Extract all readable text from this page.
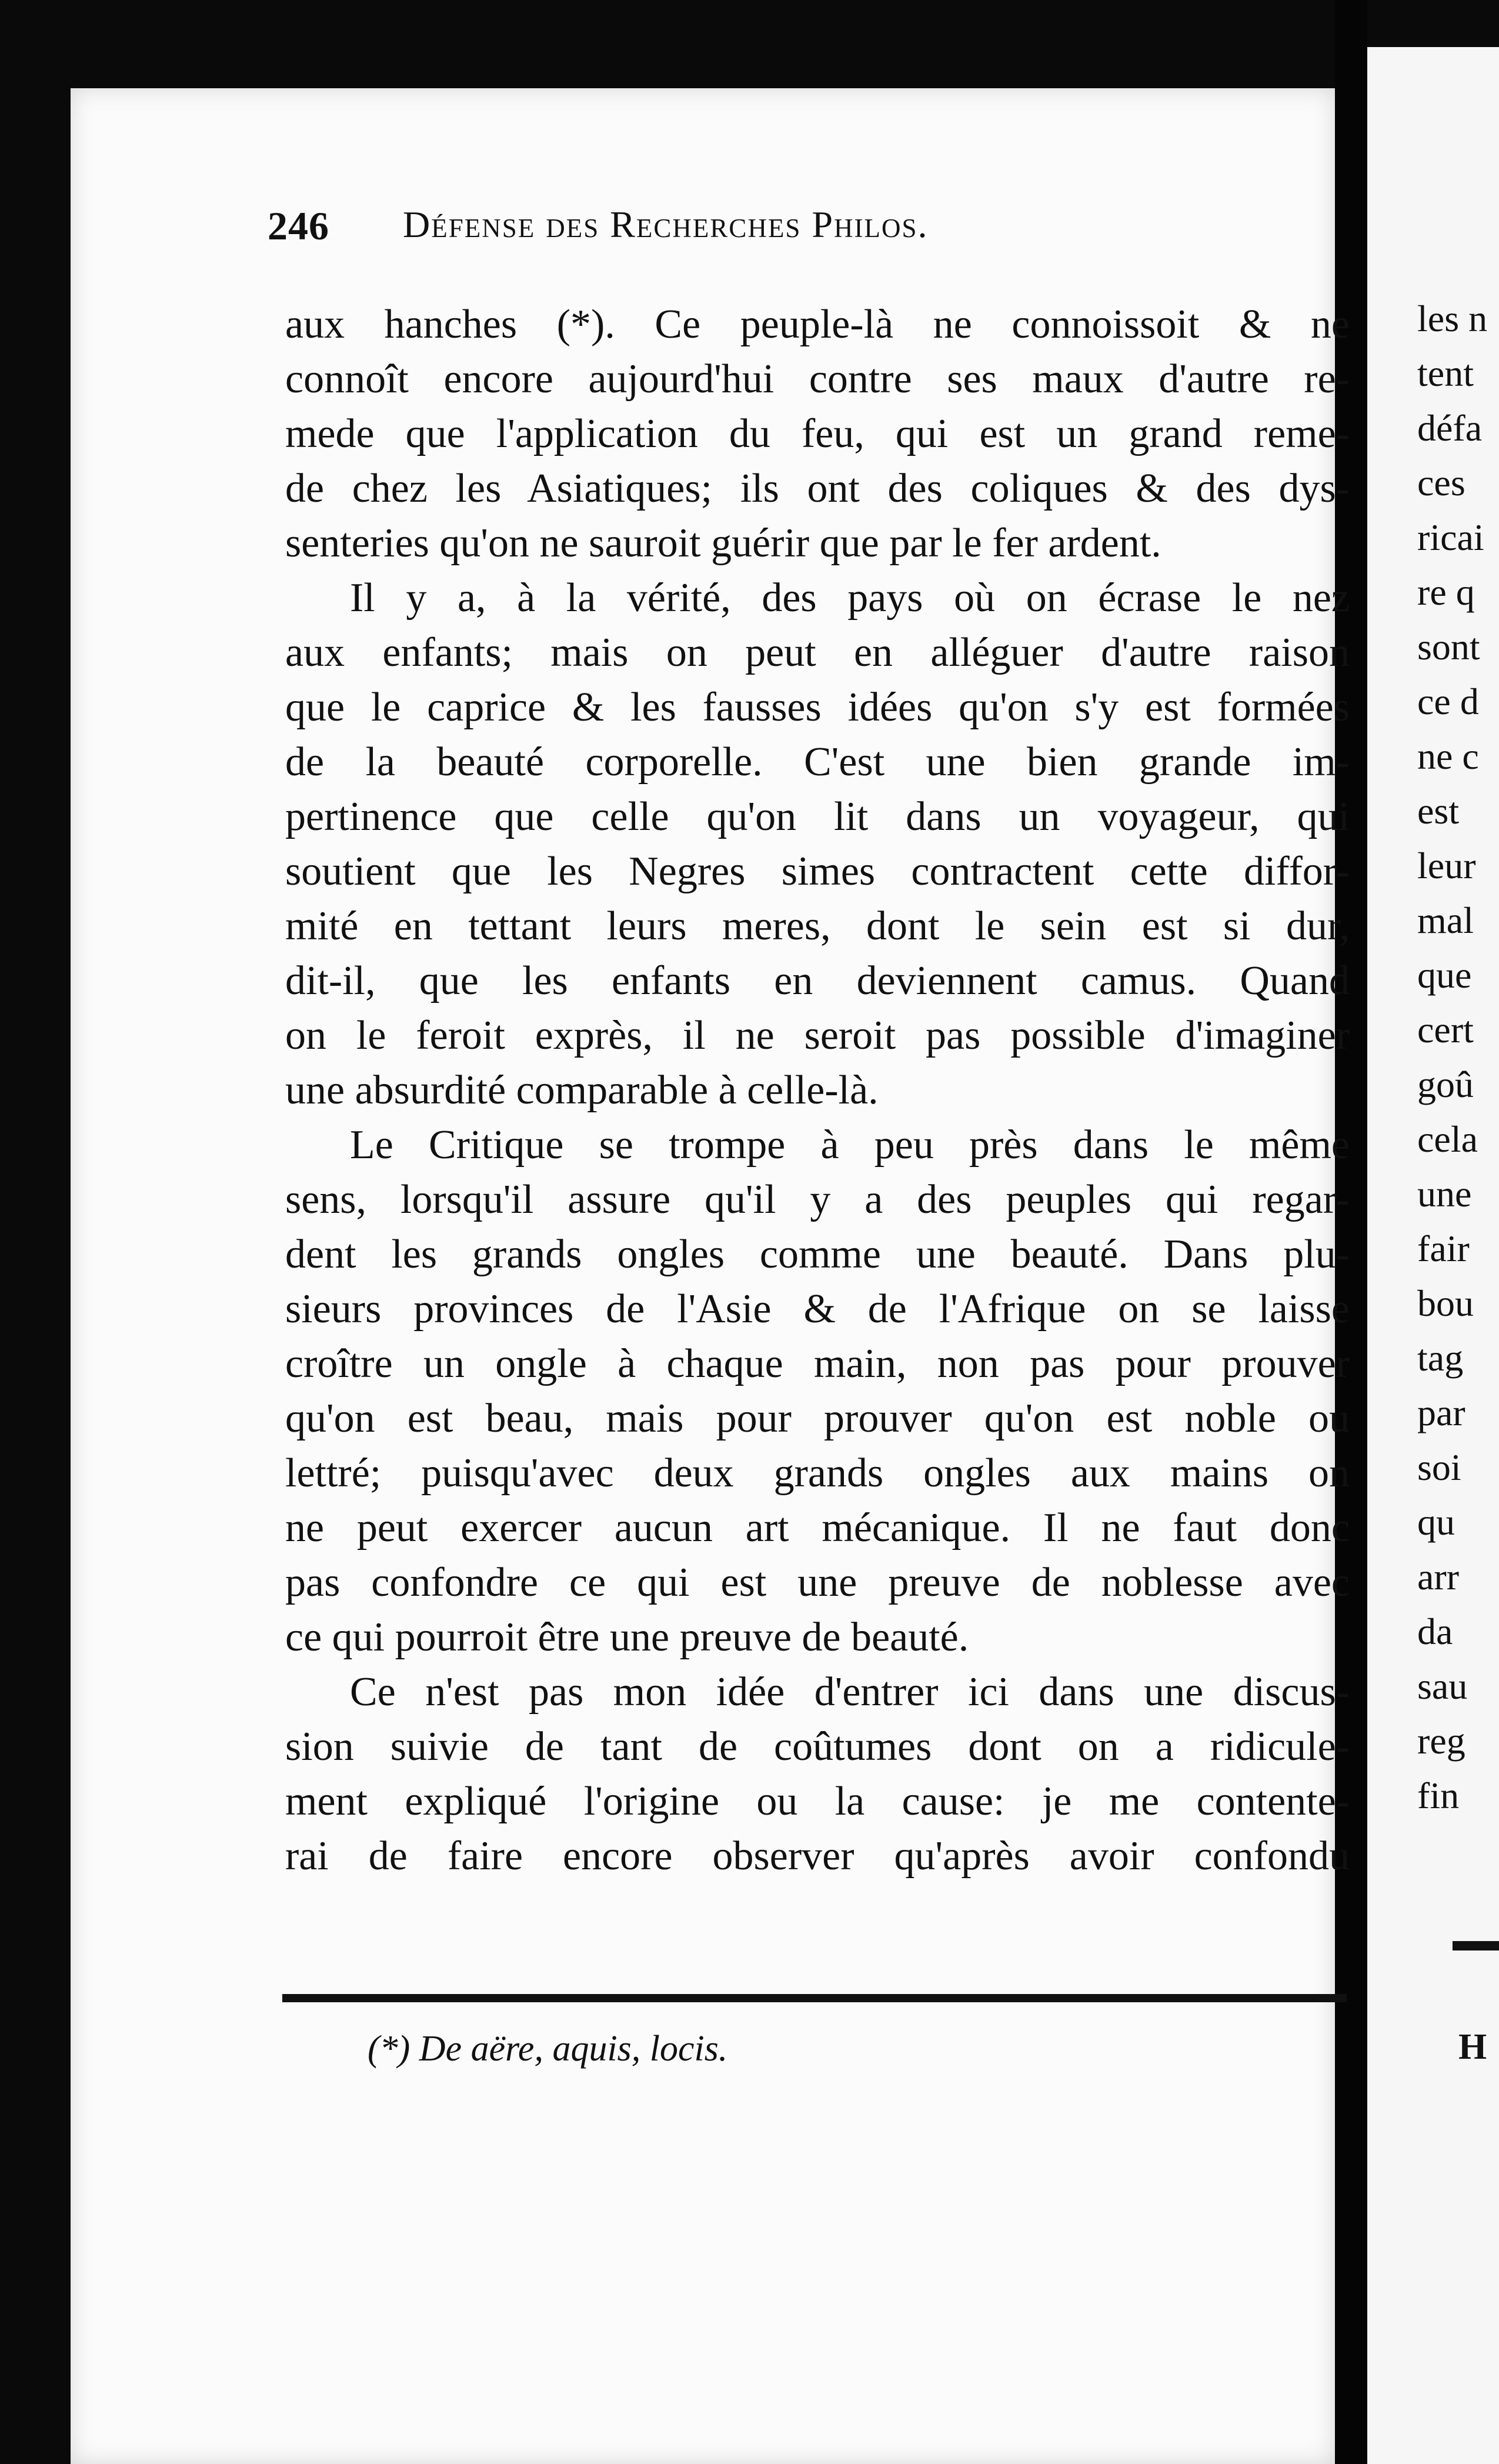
246 Défense des Recherches Philos.
aux hanches (*). Ce peuple-là ne connoissoit & ne
connoît encore aujourd'hui contre ses maux d'autre re-
mede que l'application du feu, qui est un grand reme-
de chez les Asiatiques; ils ont des coliques & des dys-
senteries qu'on ne sauroit guérir que par le fer ardent.
Il y a, à la vérité, des pays où on écrase le nez
aux enfants; mais on peut en alléguer d'autre raison
que le caprice & les fausses idées qu'on s'y est formées
de la beauté corporelle. C'est une bien grande im-
pertinence que celle qu'on lit dans un voyageur, qui
soutient que les Negres simes contractent cette diffor-
mité en tettant leurs meres, dont le sein est si dur,
dit-il, que les enfants en deviennent camus. Quand
on le feroit exprès, il ne seroit pas possible d'imaginer
une absurdité comparable à celle-là.
Le Critique se trompe à peu près dans le même
sens, lorsqu'il assure qu'il y a des peuples qui regar-
dent les grands ongles comme une beauté. Dans plu-
sieurs provinces de l'Asie & de l'Afrique on se laisse
croître un ongle à chaque main, non pas pour prouver
qu'on est beau, mais pour prouver qu'on est noble ou
lettré; puisqu'avec deux grands ongles aux mains on
ne peut exercer aucun art mécanique. Il ne faut donc
pas confondre ce qui est une preuve de noblesse avec
ce qui pourroit être une preuve de beauté.
Ce n'est pas mon idée d'entrer ici dans une discus-
sion suivie de tant de coûtumes dont on a ridicule-
ment expliqué l'origine ou la cause: je me contente-
rai de faire encore observer qu'après avoir confondu
(*) De aëre, aquis, locis.
les n
tent
défa
ces
ricai
re q
sont
ce d
ne c
est
leur
mal
que
cert
goû
cela
une
fair
bou
tag
par
soi
qu
arr
da
sau
reg
fin
H
